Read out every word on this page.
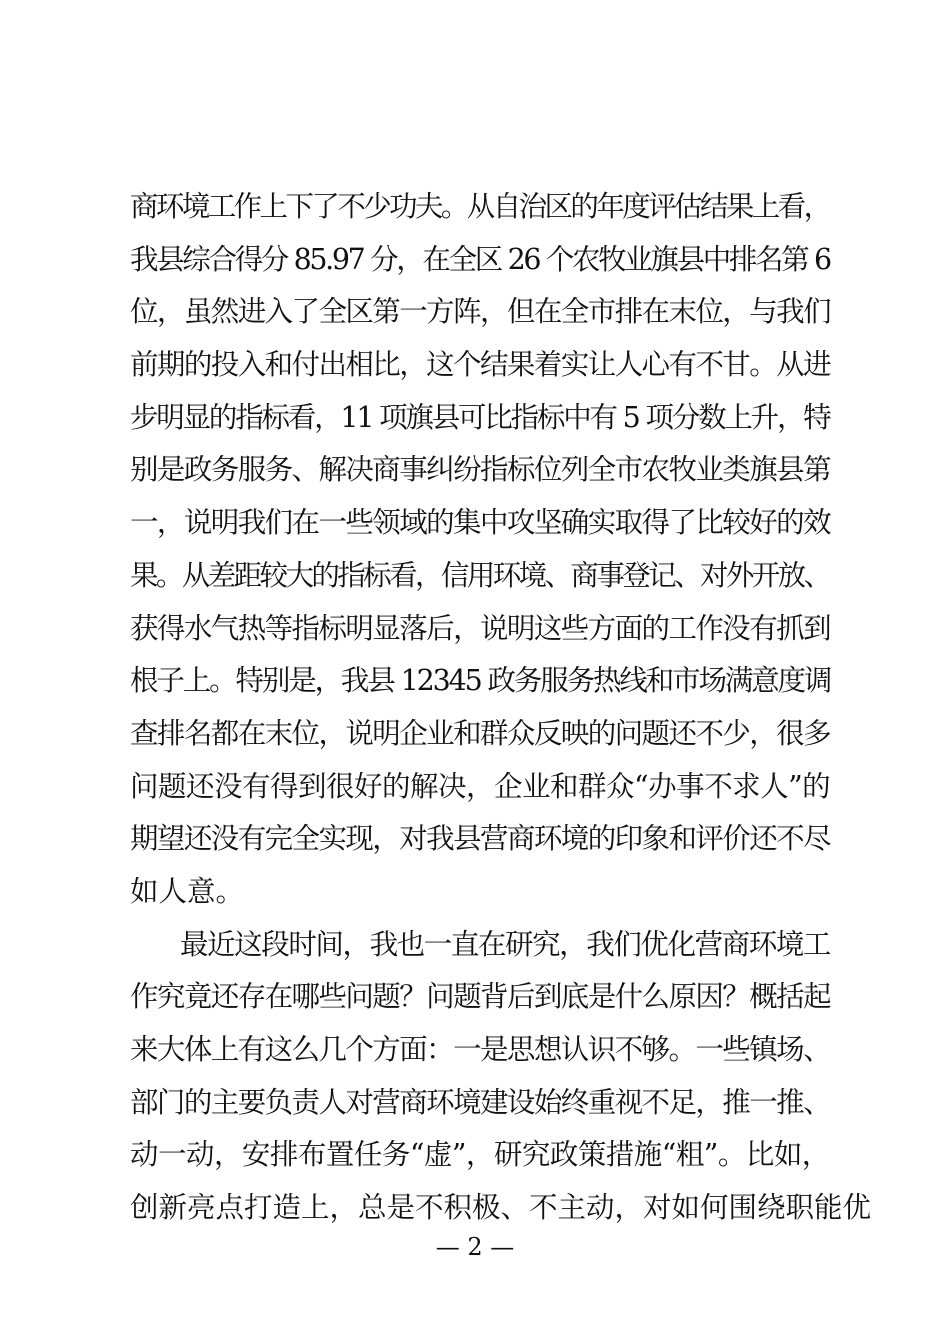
商环境工作上下了不少功夫。从自治区的年度评估结果上看，
我县综合得分 85.97 分，在全区 26 个农牧业旗县中排名第 6
位，虽然进入了全区第一方阵，但在全市排在末位，与我们
前期的投入和付出相比，这个结果着实让人心有不甘。从进
步明显的指标看，11 项旗县可比指标中有 5 项分数上升，特
别是政务服务、解决商事纠纷指标位列全市农牧业类旗县第
一，说明我们在一些领域的集中攻坚确实取得了比较好的效
果。从差距较大的指标看，信用环境、商事登记、对外开放、
获得水气热等指标明显落后，说明这些方面的工作没有抓到
根子上。特别是，我县 12345 政务服务热线和市场满意度调
查排名都在末位，说明企业和群众反映的问题还不少，很多
问题还没有得到很好的解决，企业和群众“办事不求人”的
期望还没有完全实现，对我县营商环境的印象和评价还不尽
如人意。
最近这段时间，我也一直在研究，我们优化营商环境工
作究竟还存在哪些问题？问题背后到底是什么原因？概括起
来大体上有这么几个方面：一是思想认识不够。一些镇场、
部门的主要负责人对营商环境建设始终重视不足，推一推、
动一动，安排布置任务“虚”，研究政策措施“粗”。比如，
创新亮点打造上，总是不积极、不主动，对如何围绕职能优
— 2 —
